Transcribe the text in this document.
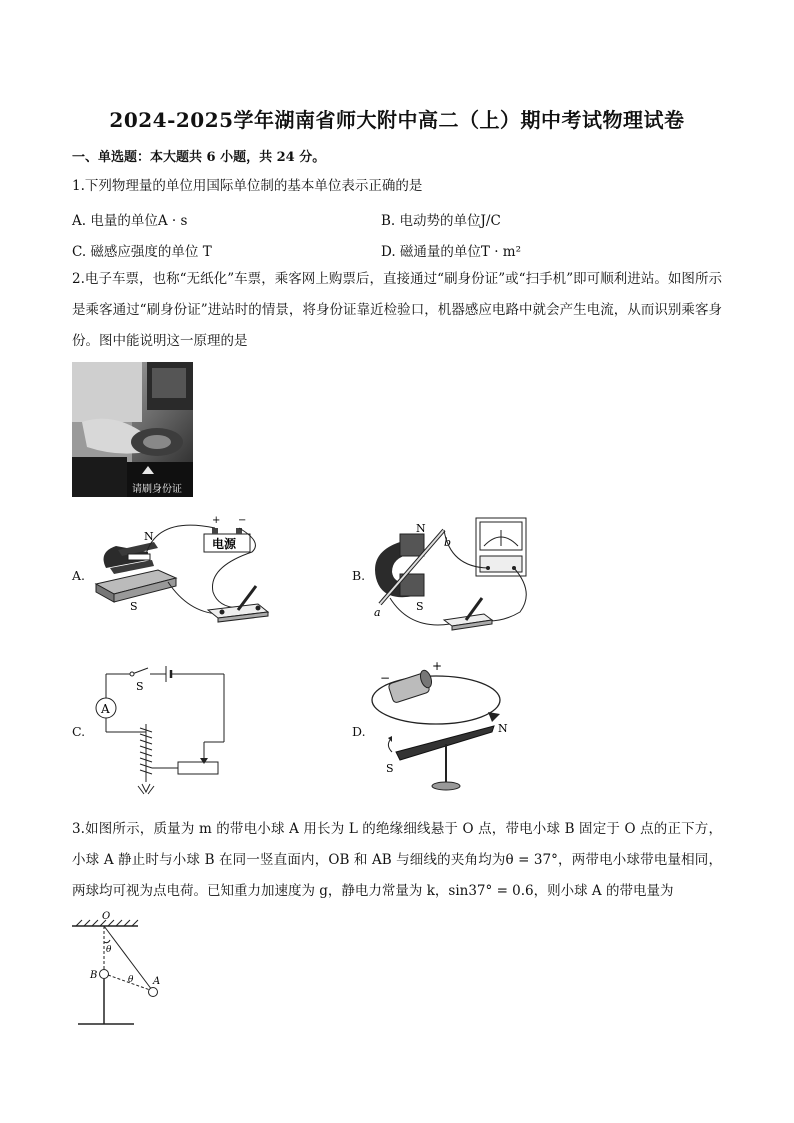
2024-2025学年湖南省师大附中高二（上）期中考试物理试卷
一、单选题：本大题共 6 小题，共 24 分。
1.下列物理量的单位用国际单位制的基本单位表示正确的是
A. 电量的单位A · s	B. 电动势的单位J/C
C. 磁感应强度的单位 T	D. 磁通量的单位T · m²
2.电子车票，也称“无纸化”车票，乘客网上购票后，直接通过“刷身份证”或“扫手机”即可顺利进站。如图所示是乘客通过“刷身份证”进站时的情景，将身份证靠近检验口，机器感应电路中就会产生电流，从而识别乘客身份。图中能说明这一原理的是
请刷身份证
A.
N
S
电源
+ −
B.
N
S
a
b
C.
A
S
D.
−
+
N
S
3.如图所示，质量为 m 的带电小球 A 用长为 L 的绝缘细线悬于 O 点，带电小球 B 固定于 O 点的正下方，小球 A 静止时与小球 B 在同一竖直面内，OB 和 AB 与细线的夹角均为θ = 37°，两带电小球带电量相同，两球均可视为点电荷。已知重力加速度为 g，静电力常量为 k，sin37° = 0.6，则小球 A 的带电量为
O
θ
B	θ A
